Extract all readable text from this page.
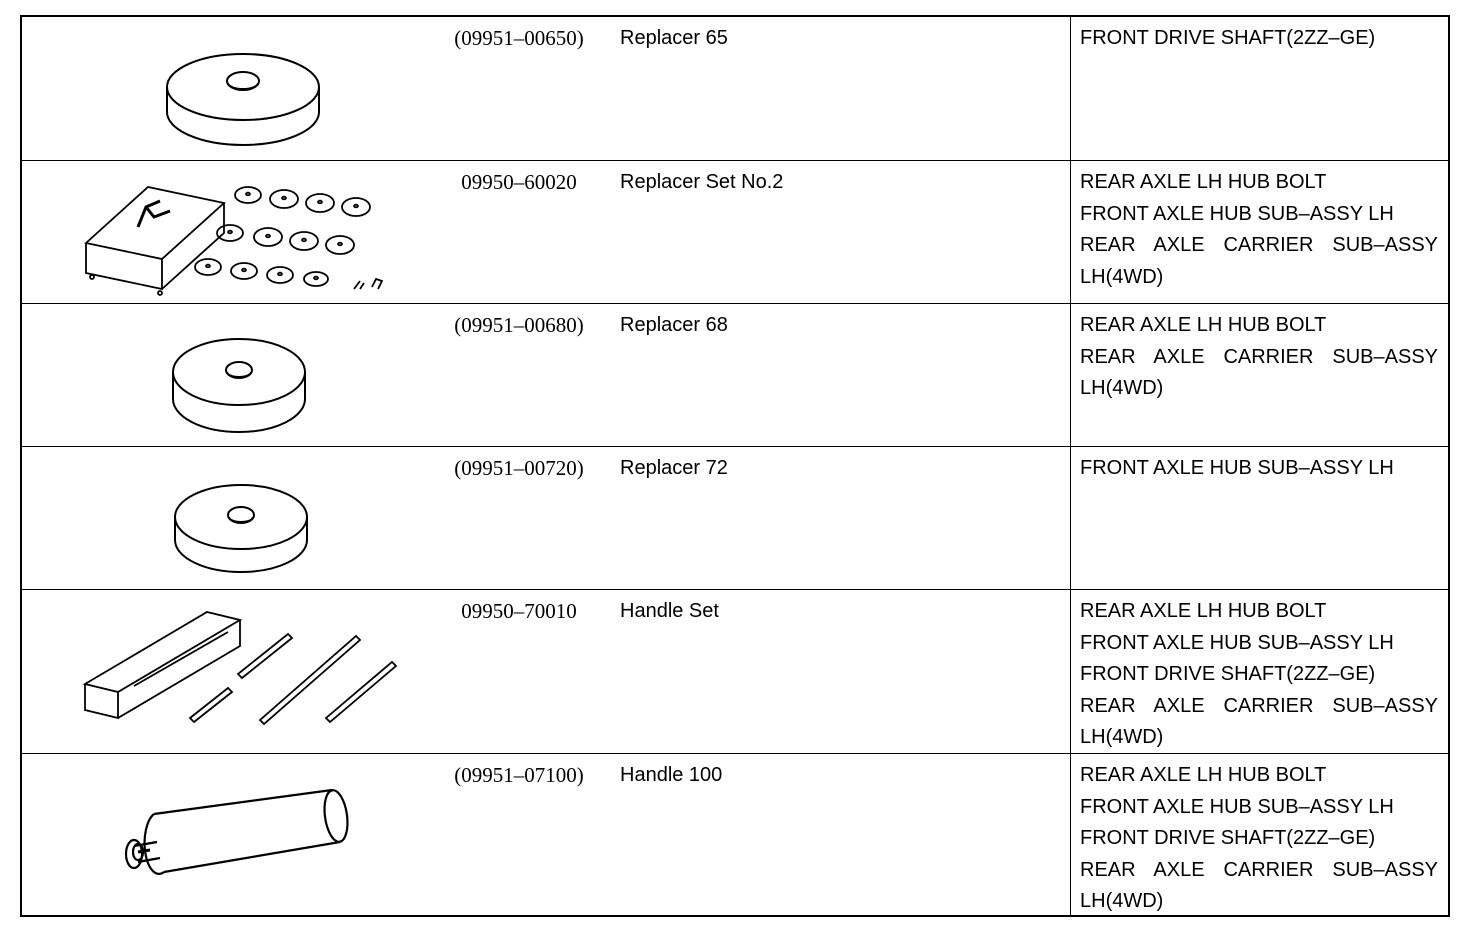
(09951–00650)	Replacer 65	FRONT DRIVE SHAFT(2ZZ–GE)
09950–60020	Replacer Set No.2	REAR AXLE LH HUB BOLT
FRONT AXLE HUB SUB–ASSY LH
REAR AXLE CARRIER SUB–ASSY
LH(4WD)
(09951–00680)	Replacer 68	REAR AXLE LH HUB BOLT
REAR AXLE CARRIER SUB–ASSY
LH(4WD)
(09951–00720)	Replacer 72	FRONT AXLE HUB SUB–ASSY LH
09950–70010	Handle Set	REAR AXLE LH HUB BOLT
FRONT AXLE HUB SUB–ASSY LH
FRONT DRIVE SHAFT(2ZZ–GE)
REAR AXLE CARRIER SUB–ASSY
LH(4WD)
(09951–07100)	Handle 100	REAR AXLE LH HUB BOLT
FRONT AXLE HUB SUB–ASSY LH
FRONT DRIVE SHAFT(2ZZ–GE)
REAR AXLE CARRIER SUB–ASSY
LH(4WD)
